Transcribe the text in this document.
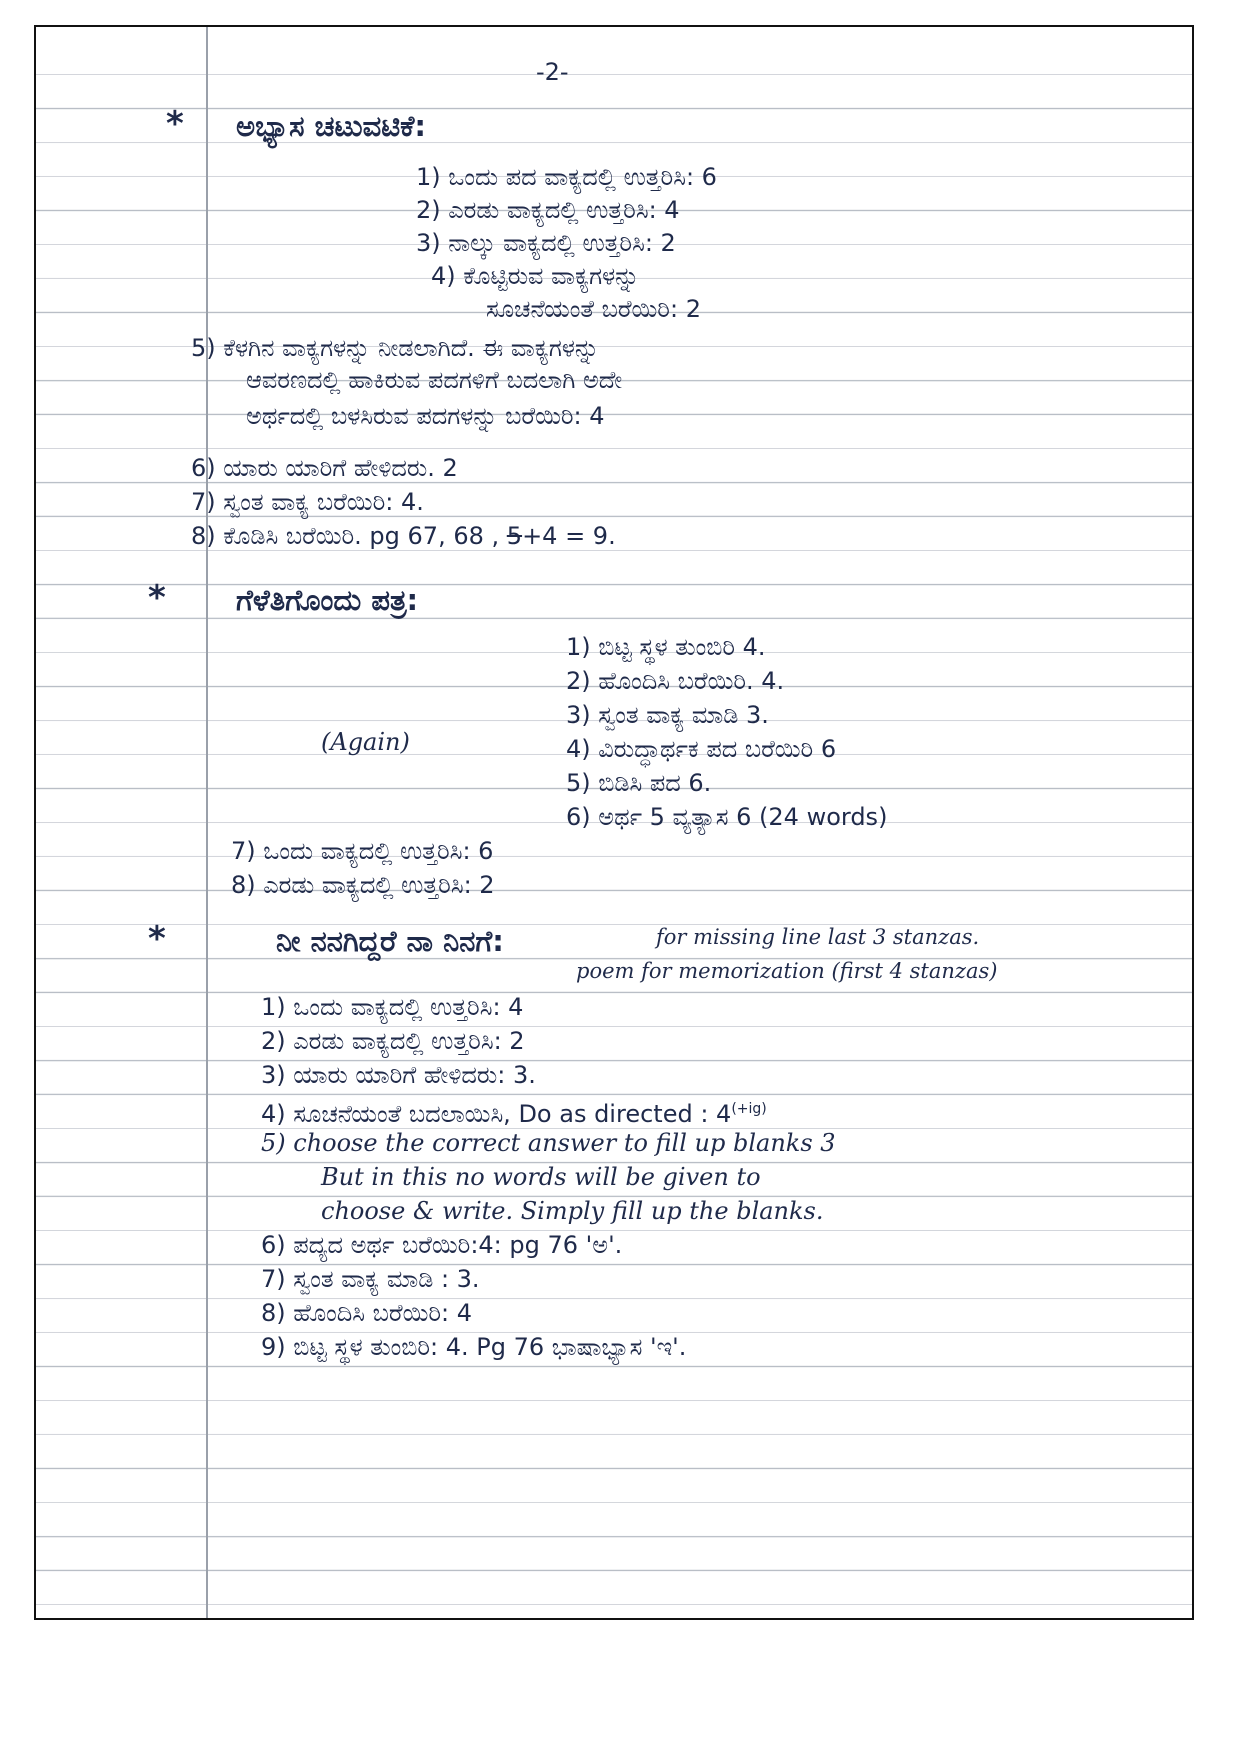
-2-
* ಅಭ್ಯಾಸ ಚಟುವಟಿಕೆ:
1) ಒಂದು ಪದ ವಾಕ್ಯದಲ್ಲಿ ಉತ್ತರಿಸಿ: 6
2) ಎರಡು ವಾಕ್ಯದಲ್ಲಿ ಉತ್ತರಿಸಿ: 4
3) ನಾಲ್ಕು ವಾಕ್ಯದಲ್ಲಿ ಉತ್ತರಿಸಿ: 2
4) ಕೊಟ್ಟಿರುವ ವಾಕ್ಯಗಳನ್ನು
ಸೂಚನೆಯಂತೆ ಬರೆಯಿರಿ: 2
5) ಕೆಳಗಿನ ವಾಕ್ಯಗಳನ್ನು ನೀಡಲಾಗಿದೆ. ಈ ವಾಕ್ಯಗಳನ್ನು
ಆವರಣದಲ್ಲಿ ಹಾಕಿರುವ ಪದಗಳಿಗೆ ಬದಲಾಗಿ ಅದೇ
ಅರ್ಥದಲ್ಲಿ ಬಳಸಿರುವ ಪದಗಳನ್ನು ಬರೆಯಿರಿ: 4
6) ಯಾರು ಯಾರಿಗೆ ಹೇಳಿದರು. 2
7) ಸ್ವಂತ ವಾಕ್ಯ ಬರೆಯಿರಿ: 4.
8) ಕೊಡಿಸಿ ಬರೆಯಿರಿ. pg 67, 68 , 5+4 = 9.
* ಗೆಳೆತಿಗೊಂದು ಪತ್ರ:
1) ಬಿಟ್ಟ ಸ್ಥಳ ತುಂಬಿರಿ 4.
2) ಹೊಂದಿಸಿ ಬರೆಯಿರಿ. 4.
3) ಸ್ವಂತ ವಾಕ್ಯ ಮಾಡಿ 3.
(Again)	4) ವಿರುದ್ಧಾರ್ಥಕ ಪದ ಬರೆಯಿರಿ 6
5) ಬಿಡಿಸಿ ಪದ 6.
6) ಅರ್ಥ 5 ವ್ಯತ್ಯಾಸ 6 (24 words)
7) ಒಂದು ವಾಕ್ಯದಲ್ಲಿ ಉತ್ತರಿಸಿ: 6
8) ಎರಡು ವಾಕ್ಯದಲ್ಲಿ ಉತ್ತರಿಸಿ: 2
*	ನೀ ನನಗಿದ್ದರೆ ನಾ ನಿನಗೆ:	for missing line last 3 stanzas.
poem for memorization (first 4 stanzas)
1) ಒಂದು ವಾಕ್ಯದಲ್ಲಿ ಉತ್ತರಿಸಿ: 4
2) ಎರಡು ವಾಕ್ಯದಲ್ಲಿ ಉತ್ತರಿಸಿ: 2
3) ಯಾರು ಯಾರಿಗೆ ಹೇಳಿದರು: 3.
4) ಸೂಚನೆಯಂತೆ ಬದಲಾಯಿಸಿ, Do as directed : $4^{(+ig)}$
5) choose the correct answer to fill up blanks 3
But in this no words will be given to
choose & write. Simply fill up the blanks.
6) ಪದ್ಯದ ಅರ್ಥ ಬರೆಯಿರಿ:4: pg 76 'ಅ'.
7) ಸ್ವಂತ ವಾಕ್ಯ ಮಾಡಿ : 3.
8) ಹೊಂದಿಸಿ ಬರೆಯಿರಿ: 4
9) ಬಿಟ್ಟ ಸ್ಥಳ ತುಂಬಿರಿ: 4. Pg 76 ಭಾಷಾಭ್ಯಾಸ 'ಇ'.
